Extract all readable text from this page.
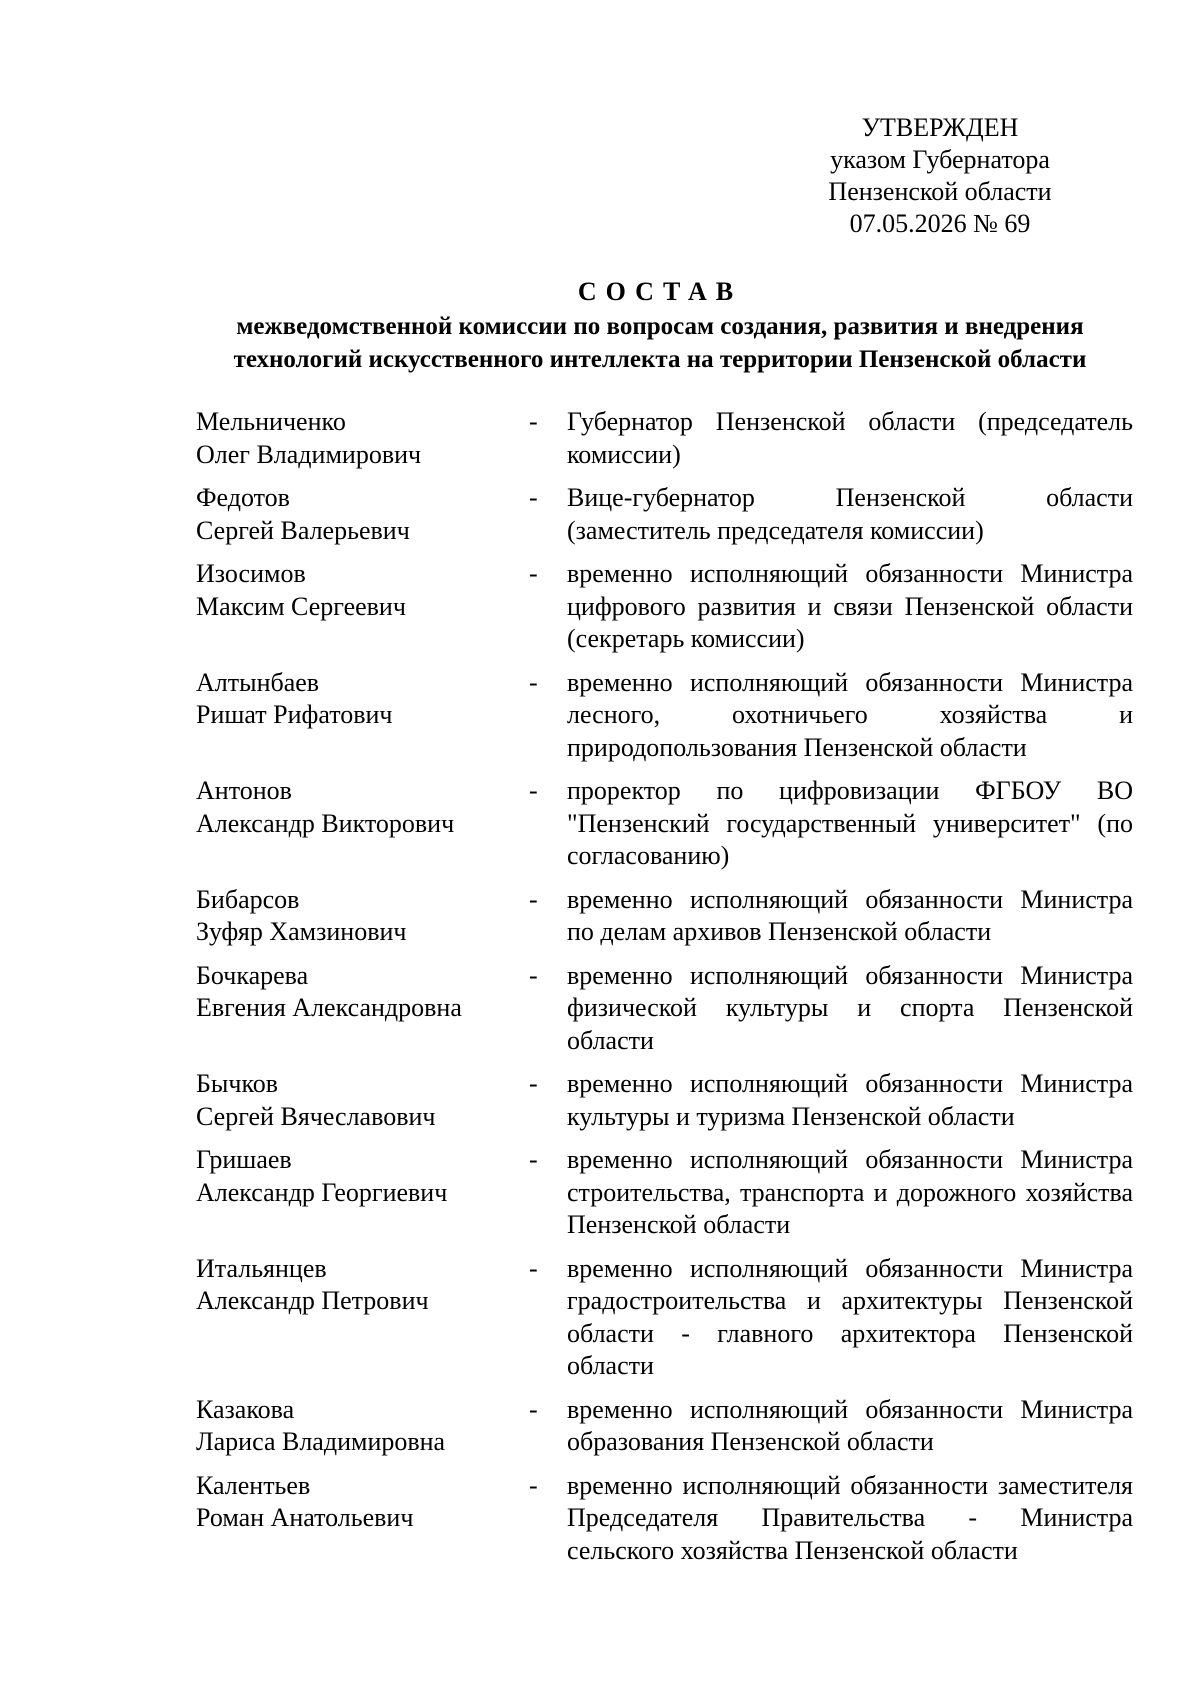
УТВЕРЖДЕН
указом Губернатора
Пензенской области
07.05.2026 № 69
СОСТАВ
межведомственной комиссии по вопросам создания, развития и внедрения
технологий искусственного интеллекта на территории Пензенской области
Мельниченко
Олег Владимирович
- Губернатор Пензенской области (председатель комиссии)
Федотов
Сергей Валерьевич
- Вице-губернатор Пензенской области (заместитель председателя комиссии)
Изосимов
Максим Сергеевич
- временно исполняющий обязанности Министра цифрового развития и связи Пензенской области (секретарь комиссии)
Алтынбаев
Ришат Рифатович
- временно исполняющий обязанности Министра лесного, охотничьего хозяйства и природопользования Пензенской области
Антонов
Александр Викторович
- проректор по цифровизации ФГБОУ ВО "Пензенский государственный университет" (по согласованию)
Бибарсов
Зуфяр Хамзинович
- временно исполняющий обязанности Министра по делам архивов Пензенской области
Бочкарева
Евгения Александровна
- временно исполняющий обязанности Министра физической культуры и спорта Пензенской области
Бычков
Сергей Вячеславович
- временно исполняющий обязанности Министра культуры и туризма Пензенской области
Гришаев
Александр Георгиевич
- временно исполняющий обязанности Министра строительства, транспорта и дорожного хозяйства Пензенской области
Итальянцев
Александр Петрович
- временно исполняющий обязанности Министра градостроительства и архитектуры Пензенской области - главного архитектора Пензенской области
Казакова
Лариса Владимировна
- временно исполняющий обязанности Министра образования Пензенской области
Калентьев
Роман Анатольевич
- временно исполняющий обязанности заместителя Председателя Правительства - Министра сельского хозяйства Пензенской области
